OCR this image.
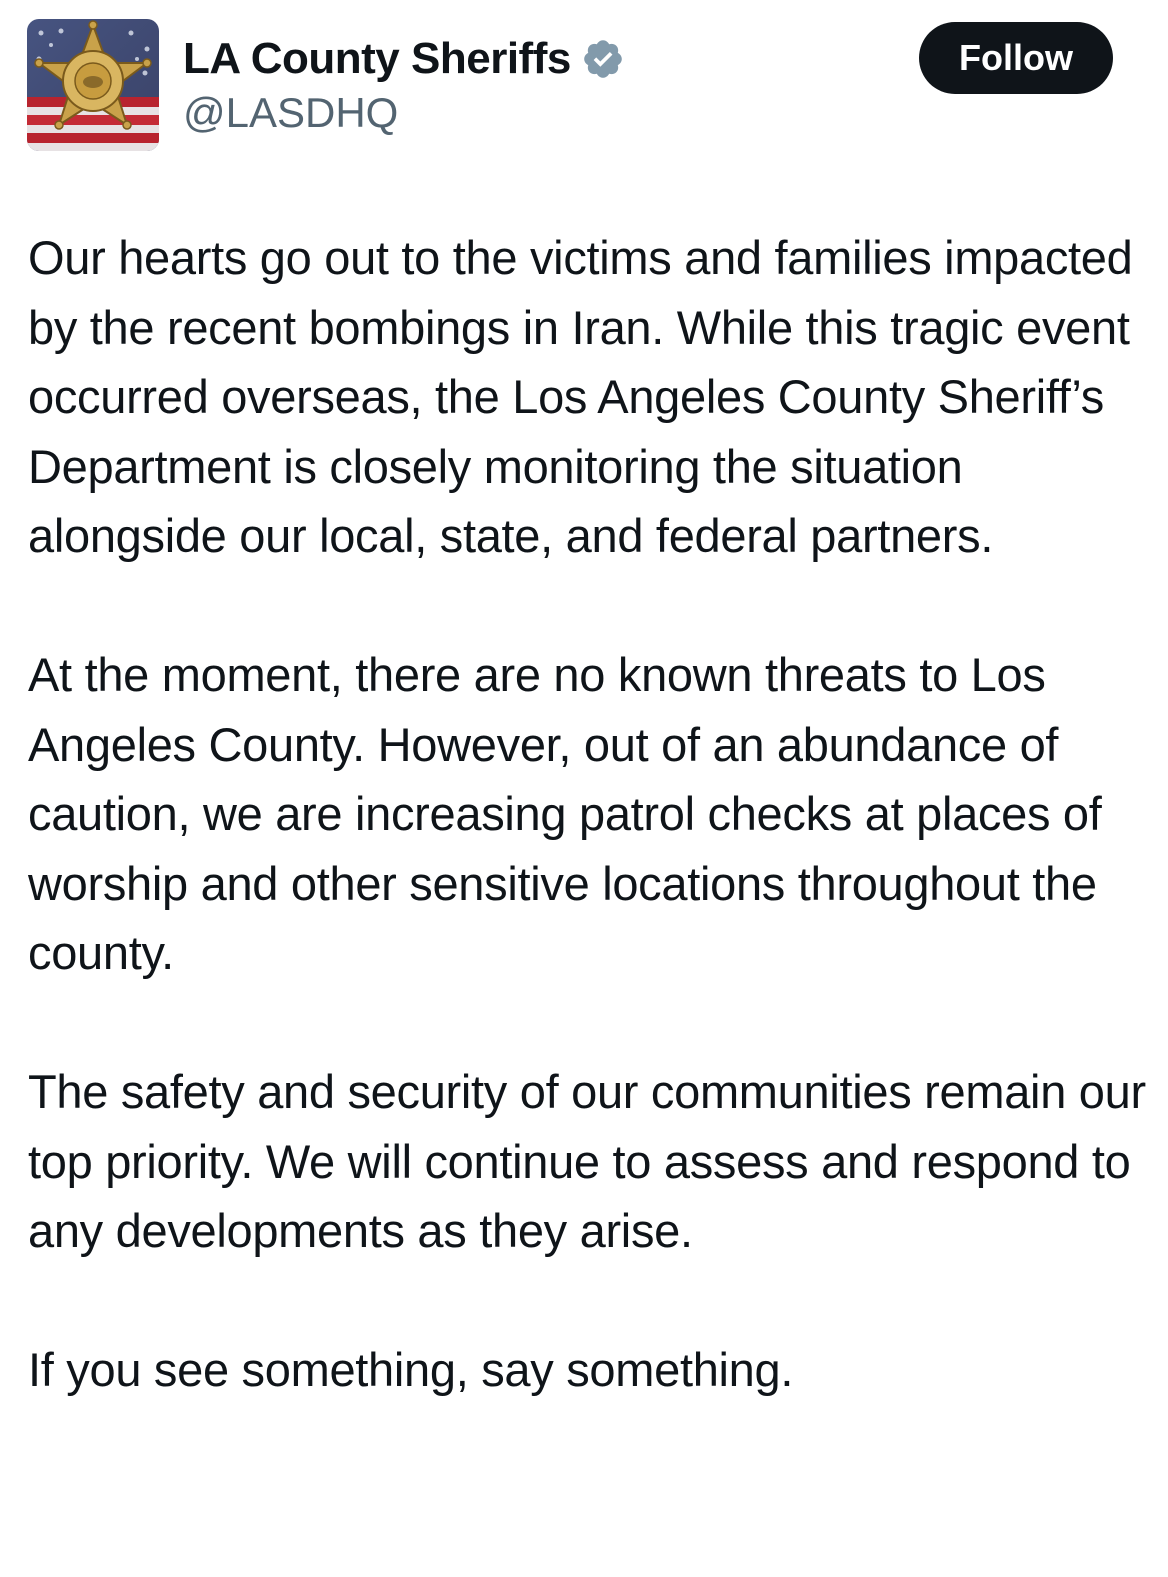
LA County Sheriffs
@LASDHQ
Follow

Our hearts go out to the victims and families impacted by the recent bombings in Iran. While this tragic event occurred overseas, the Los Angeles County Sheriff’s Department is closely monitoring the situation alongside our local, state, and federal partners.

At the moment, there are no known threats to Los Angeles County. However, out of an abundance of caution, we are increasing patrol checks at places of worship and other sensitive locations throughout the county.

The safety and security of our communities remain our top priority. We will continue to assess and respond to any developments as they arise.

If you see something, say something.
